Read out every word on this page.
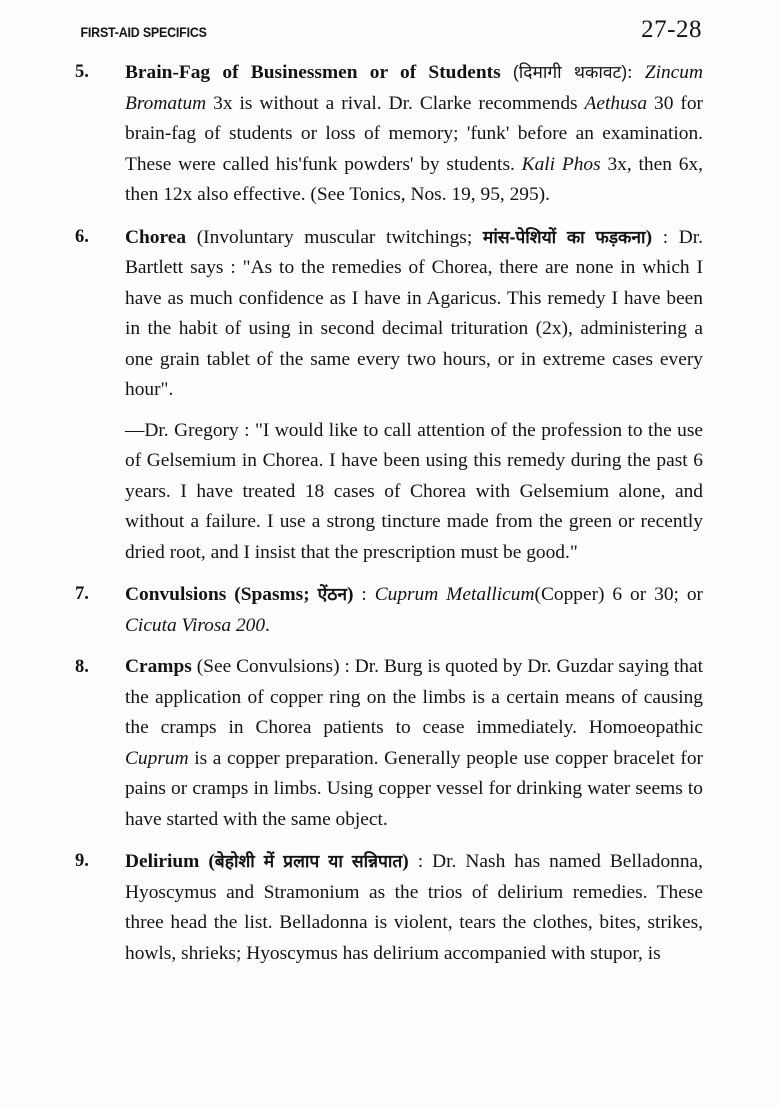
FIRST-AID SPECIFICS	27-28
5.	Brain-Fag of Businessmen or of Students (दिमागी थकावट): Zincum Bromatum 3x is without a rival. Dr. Clarke recommends Aethusa 30 for brain-fag of students or loss of memory; 'funk' before an examination. These were called his'funk powders' by students. Kali Phos 3x, then 6x, then 12x also effective. (See Tonics, Nos. 19, 95, 295).

6.	Chorea (Involuntary muscular twitchings; मांस-पेशियों का फड़कना) : Dr. Bartlett says : "As to the remedies of Chorea, there are none in which I have as much confidence as I have in Agaricus. This remedy I have been in the habit of using in second decimal trituration (2x), administering a one grain tablet of the same every two hours, or in extreme cases every hour".

—Dr. Gregory : "I would like to call attention of the profession to the use of Gelsemium in Chorea. I have been using this remedy during the past 6 years. I have treated 18 cases of Chorea with Gelsemium alone, and without a failure. I use a strong tincture made from the green or recently dried root, and I insist that the prescription must be good."

7.	Convulsions (Spasms; ऐंठन) : Cuprum Metallicum(Copper) 6 or 30; or Cicuta Virosa 200.

8.	Cramps (See Convulsions) : Dr. Burg is quoted by Dr. Guzdar saying that the application of copper ring on the limbs is a certain means of causing the cramps in Chorea patients to cease immediately. Homoeopathic Cuprum is a copper preparation. Generally people use copper bracelet for pains or cramps in limbs. Using copper vessel for drinking water seems to have started with the same object.

9.	Delirium (बेहोशी में प्रलाप या सन्निपात) : Dr. Nash has named Belladonna, Hyoscymus and Stramonium as the trios of delirium remedies. These three head the list. Belladonna is violent, tears the clothes, bites, strikes, howls, shrieks; Hyoscymus has delirium accompanied with stupor, is
